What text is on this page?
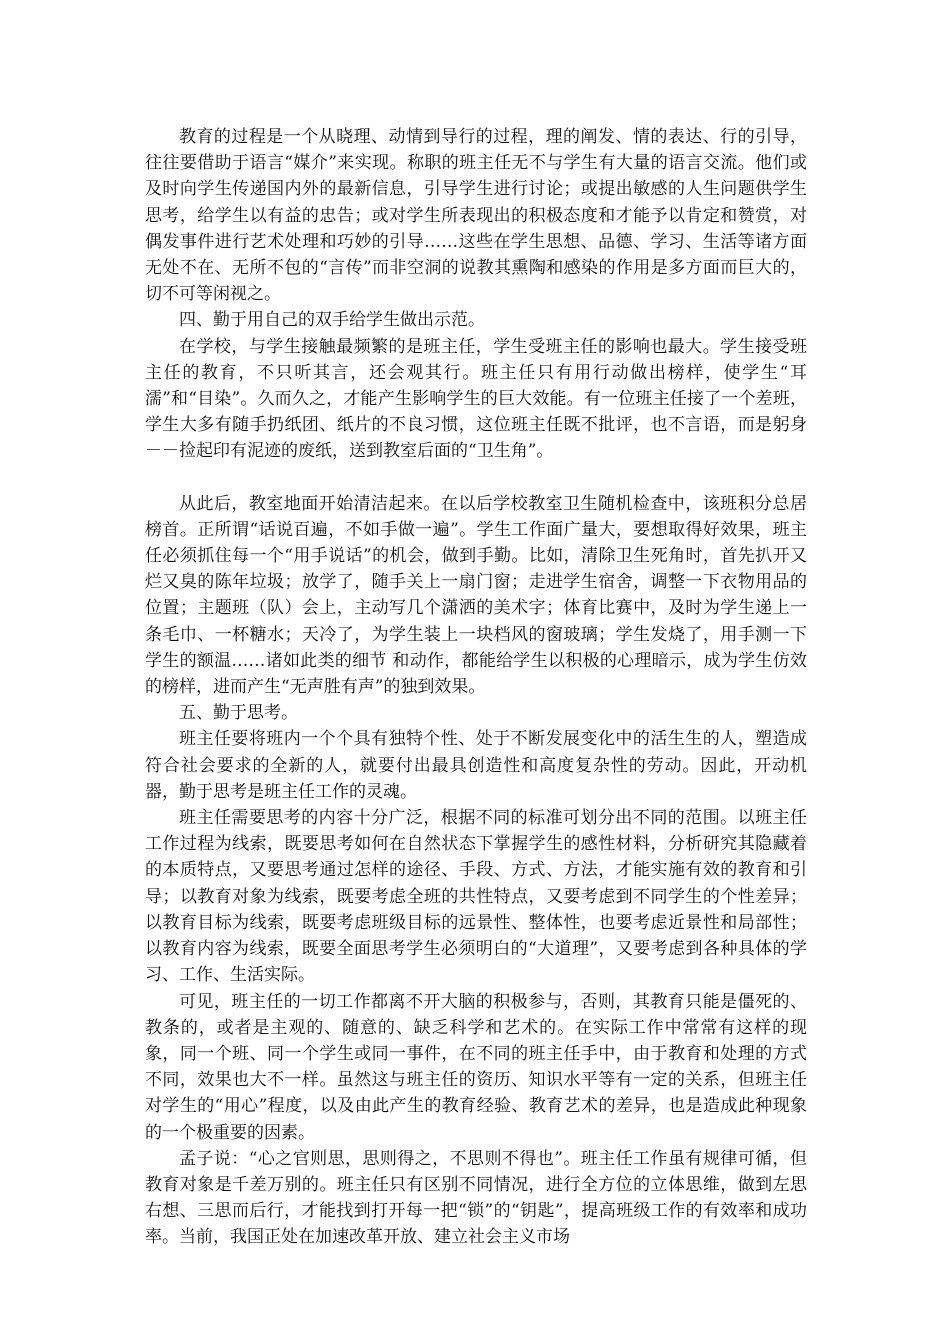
教育的过程是一个从晓理、动情到导行的过程，理的阐发、情的表达、行的引导，往往要借助于语言“媒介”来实现。称职的班主任无不与学生有大量的语言交流。他们或及时向学生传递国内外的最新信息，引导学生进行讨论；或提出敏感的人生问题供学生思考，给学生以有益的忠告；或对学生所表现出的积极态度和才能予以肯定和赞赏，对偶发事件进行艺术处理和巧妙的引导……这些在学生思想、品德、学习、生活等诸方面无处不在、无所不包的“言传”而非空洞的说教其熏陶和感染的作用是多方面而巨大的，切不可等闲视之。

四、勤于用自己的双手给学生做出示范。

在学校，与学生接触最频繁的是班主任，学生受班主任的影响也最大。学生接受班主任的教育，不只听其言，还会观其行。班主任只有用行动做出榜样，使学生“耳濡”和“目染”。久而久之，才能产生影响学生的巨大效能。有一位班主任接了一个差班，学生大多有随手扔纸团、纸片的不良习惯，这位班主任既不批评，也不言语，而是躬身－－捡起印有泥迹的废纸，送到教室后面的“卫生角”。

从此后，教室地面开始清洁起来。在以后学校教室卫生随机检查中，该班积分总居榜首。正所谓“话说百遍，不如手做一遍”。学生工作面广量大，要想取得好效果，班主任必须抓住每一个“用手说话”的机会，做到手勤。比如，清除卫生死角时，首先扒开又烂又臭的陈年垃圾；放学了，随手关上一扇门窗；走进学生宿舍，调整一下衣物用品的位置；主题班（队）会上，主动写几个潇洒的美术字；体育比赛中，及时为学生递上一条毛巾、一杯糖水；天冷了，为学生装上一块档风的窗玻璃；学生发烧了，用手测一下学生的额温……诸如此类的细节 和动作，都能给学生以积极的心理暗示，成为学生仿效的榜样，进而产生“无声胜有声”的独到效果。

五、勤于思考。

班主任要将班内一个个具有独特个性、处于不断发展变化中的活生生的人，塑造成符合社会要求的全新的人，就要付出最具创造性和高度复杂性的劳动。因此，开动机器，勤于思考是班主任工作的灵魂。

班主任需要思考的内容十分广泛，根据不同的标准可划分出不同的范围。以班主任工作过程为线索，既要思考如何在自然状态下掌握学生的感性材料，分析研究其隐藏着的本质特点，又要思考通过怎样的途径、手段、方式、方法，才能实施有效的教育和引导；以教育对象为线索，既要考虑全班的共性特点，又要考虑到不同学生的个性差异；以教育目标为线索，既要考虑班级目标的远景性、整体性，也要考虑近景性和局部性；以教育内容为线索，既要全面思考学生必须明白的“大道理”，又要考虑到各种具体的学习、工作、生活实际。

可见，班主任的一切工作都离不开大脑的积极参与，否则，其教育只能是僵死的、教条的，或者是主观的、随意的、缺乏科学和艺术的。在实际工作中常常有这样的现象，同一个班、同一个学生或同一事件，在不同的班主任手中，由于教育和处理的方式不同，效果也大不一样。虽然这与班主任的资历、知识水平等有一定的关系，但班主任对学生的“用心”程度，以及由此产生的教育经验、教育艺术的差异，也是造成此种现象的一个极重要的因素。

孟子说：“心之官则思，思则得之，不思则不得也”。班主任工作虽有规律可循，但教育对象是千差万别的。班主任只有区别不同情况，进行全方位的立体思维，做到左思右想、三思而后行，才能找到打开每一把“锁”的“钥匙”，提高班级工作的有效率和成功率。当前，我国正处在加速改革开放、建立社会主义市场
